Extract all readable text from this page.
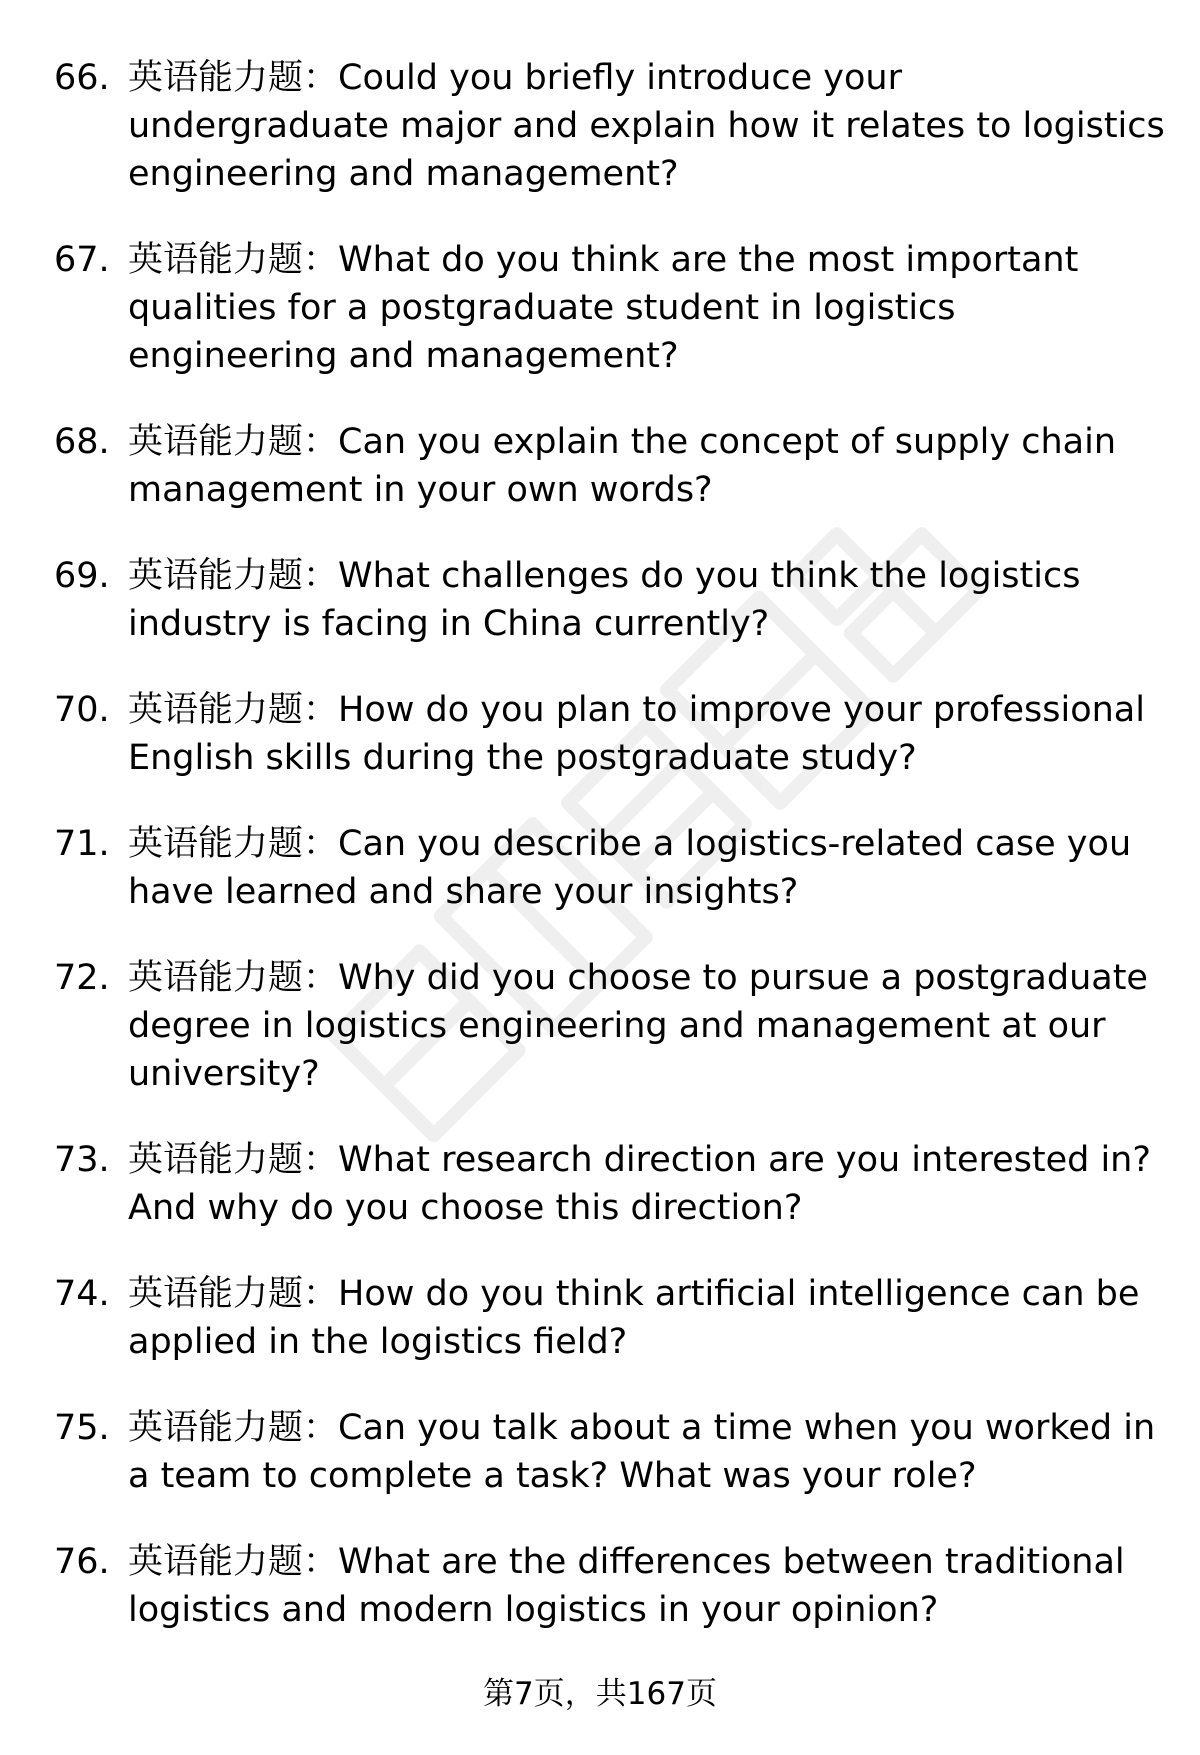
66. 英语能力题：Could you briefly introduce your undergraduate major and explain how it relates to logistics engineering and management?
67. 英语能力题：What do you think are the most important qualities for a postgraduate student in logistics engineering and management?
68. 英语能力题：Can you explain the concept of supply chain management in your own words?
69. 英语能力题：What challenges do you think the logistics industry is facing in China currently?
70. 英语能力题：How do you plan to improve your professional English skills during the postgraduate study?
71. 英语能力题：Can you describe a logistics-related case you have learned and share your insights?
72. 英语能力题：Why did you choose to pursue a postgraduate degree in logistics engineering and management at our university?
73. 英语能力题：What research direction are you interested in? And why do you choose this direction?
74. 英语能力题：How do you think artificial intelligence can be applied in the logistics field?
75. 英语能力题：Can you talk about a time when you worked in a team to complete a task? What was your role?
76. 英语能力题：What are the differences between traditional logistics and modern logistics in your opinion?
第7页，共167页
